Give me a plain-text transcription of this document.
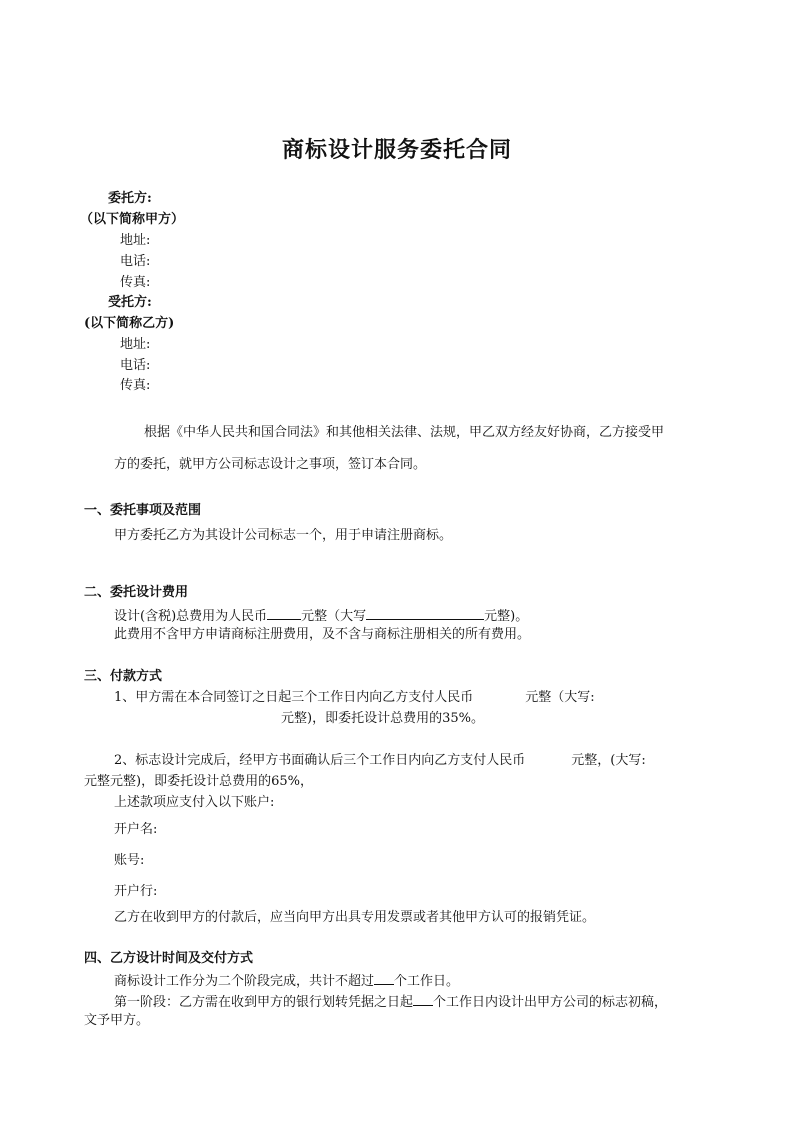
商标设计服务委托合同
委托方:
（以下简称甲方）
地址:
电话:
传真:
受托方:
(以下简称乙方)
地址:
电话:
传真:
根据《中华人民共和国合同法》和其他相关法律、法规，甲乙双方经友好协商，乙方接受甲
方的委托，就甲方公司标志设计之事项，签订本合同。
一、委托事项及范围
甲方委托乙方为其设计公司标志一个，用于申请注册商标。
二、委托设计费用
设计(含税)总费用为人民币	元整（大写	元整)。
此费用不含甲方申请商标注册费用，及不含与商标注册相关的所有费用。
三、付款方式
1、甲方需在本合同签订之日起三个工作日内向乙方支付人民币	元整（大写:
元整)，即委托设计总费用的35%。
2、标志设计完成后，经甲方书面确认后三个工作日内向乙方支付人民币	元整，(大写:
元整元整)，即委托设计总费用的65%，
上述款项应支付入以下账户:
开户名:
账号:
开户行:
乙方在收到甲方的付款后，应当向甲方出具专用发票或者其他甲方认可的报销凭证。
四、乙方设计时间及交付方式
商标设计工作分为二个阶段完成，共计不超过 个工作日。
第一阶段：乙方需在收到甲方的银行划转凭据之日起 个工作日内设计出甲方公司的标志初稿，
文予甲方。
